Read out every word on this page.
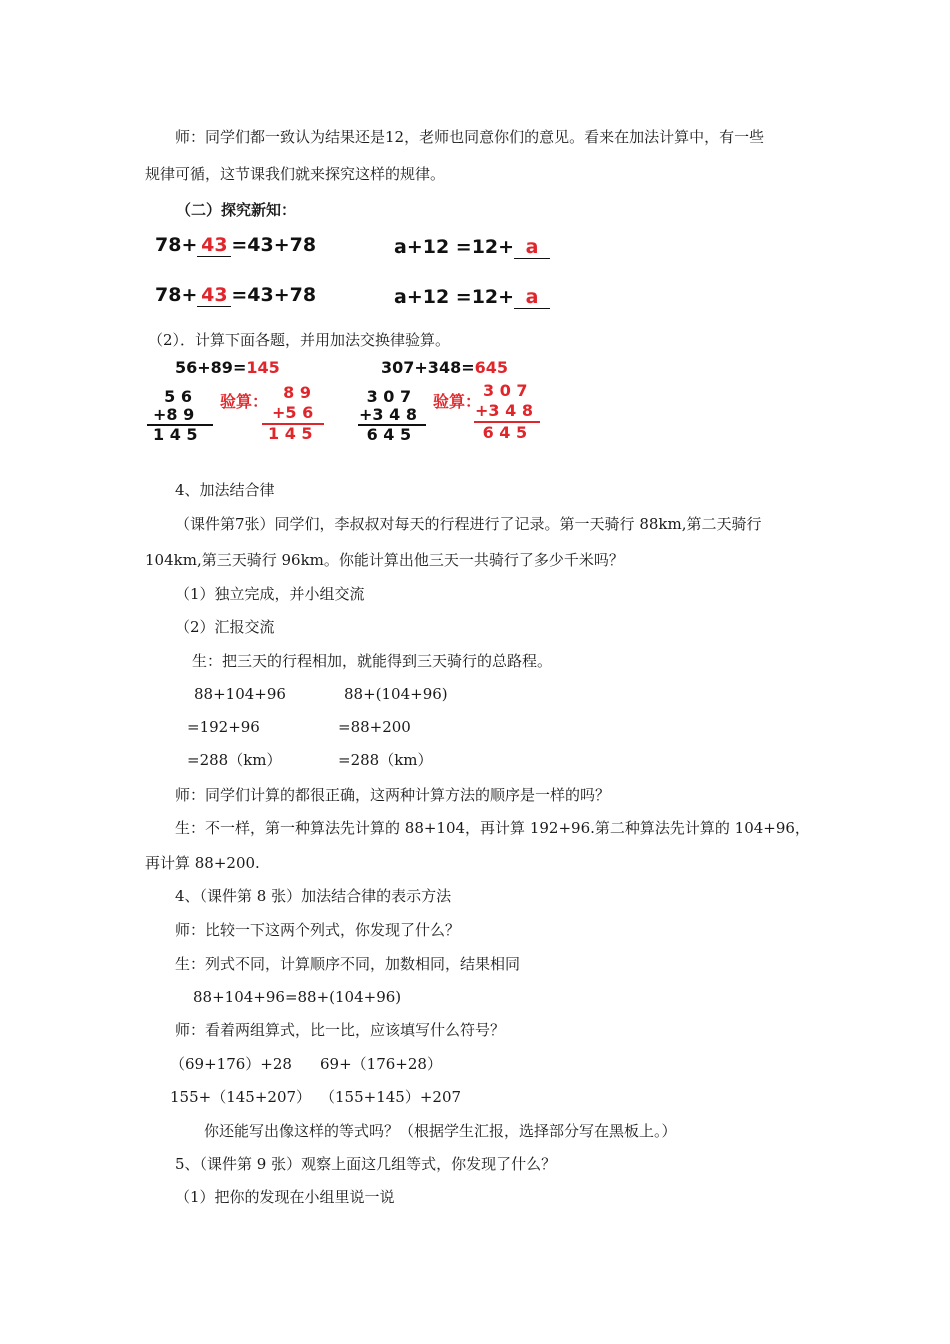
师：同学们都一致认为结果还是12，老师也同意你们的意见。看来在加法计算中，有一些
规律可循，这节课我们就来探究这样的规律。
（二）探究新知：
78+ 43 =43+78	a+12 =12+ a
78+ 43 =43+78	a+12 =12+ a
（2）．计算下面各题，并用加法交换律验算。
56+89=145
5 6
+8 9
1 4 5
验算： 8 9
+5 6
1 4 5
307+348=645
3 0 7
+3 4 8
6 4 5
验算：
3 0 7
+3 4 8
6 4 5
4、加法结合律
（课件第7张）同学们，李叔叔对每天的行程进行了记录。第一天骑行 88km,第二天骑行
104km,第三天骑行 96km。你能计算出他三天一共骑行了多少千米吗？
（1）独立完成，并小组交流
（2）汇报交流
生：把三天的行程相加，就能得到三天骑行的总路程。
88+104+96	88+(104+96)
=192+96	=88+200
=288（km）	=288（km）
师：同学们计算的都很正确，这两种计算方法的顺序是一样的吗？
生：不一样，第一种算法先计算的 88+104，再计算 192+96.第二种算法先计算的 104+96，
再计算 88+200.
4、（课件第 8 张）加法结合律的表示方法
师：比较一下这两个列式，你发现了什么？
生：列式不同，计算顺序不同，加数相同，结果相同
88+104+96=88+(104+96)
师：看着两组算式，比一比，应该填写什么符号？
（69+176）+28 69+（176+28）
155+（145+207） （155+145）+207
你还能写出像这样的等式吗？（根据学生汇报，选择部分写在黑板上。）
5、（课件第 9 张）观察上面这几组等式，你发现了什么？
（1）把你的发现在小组里说一说
